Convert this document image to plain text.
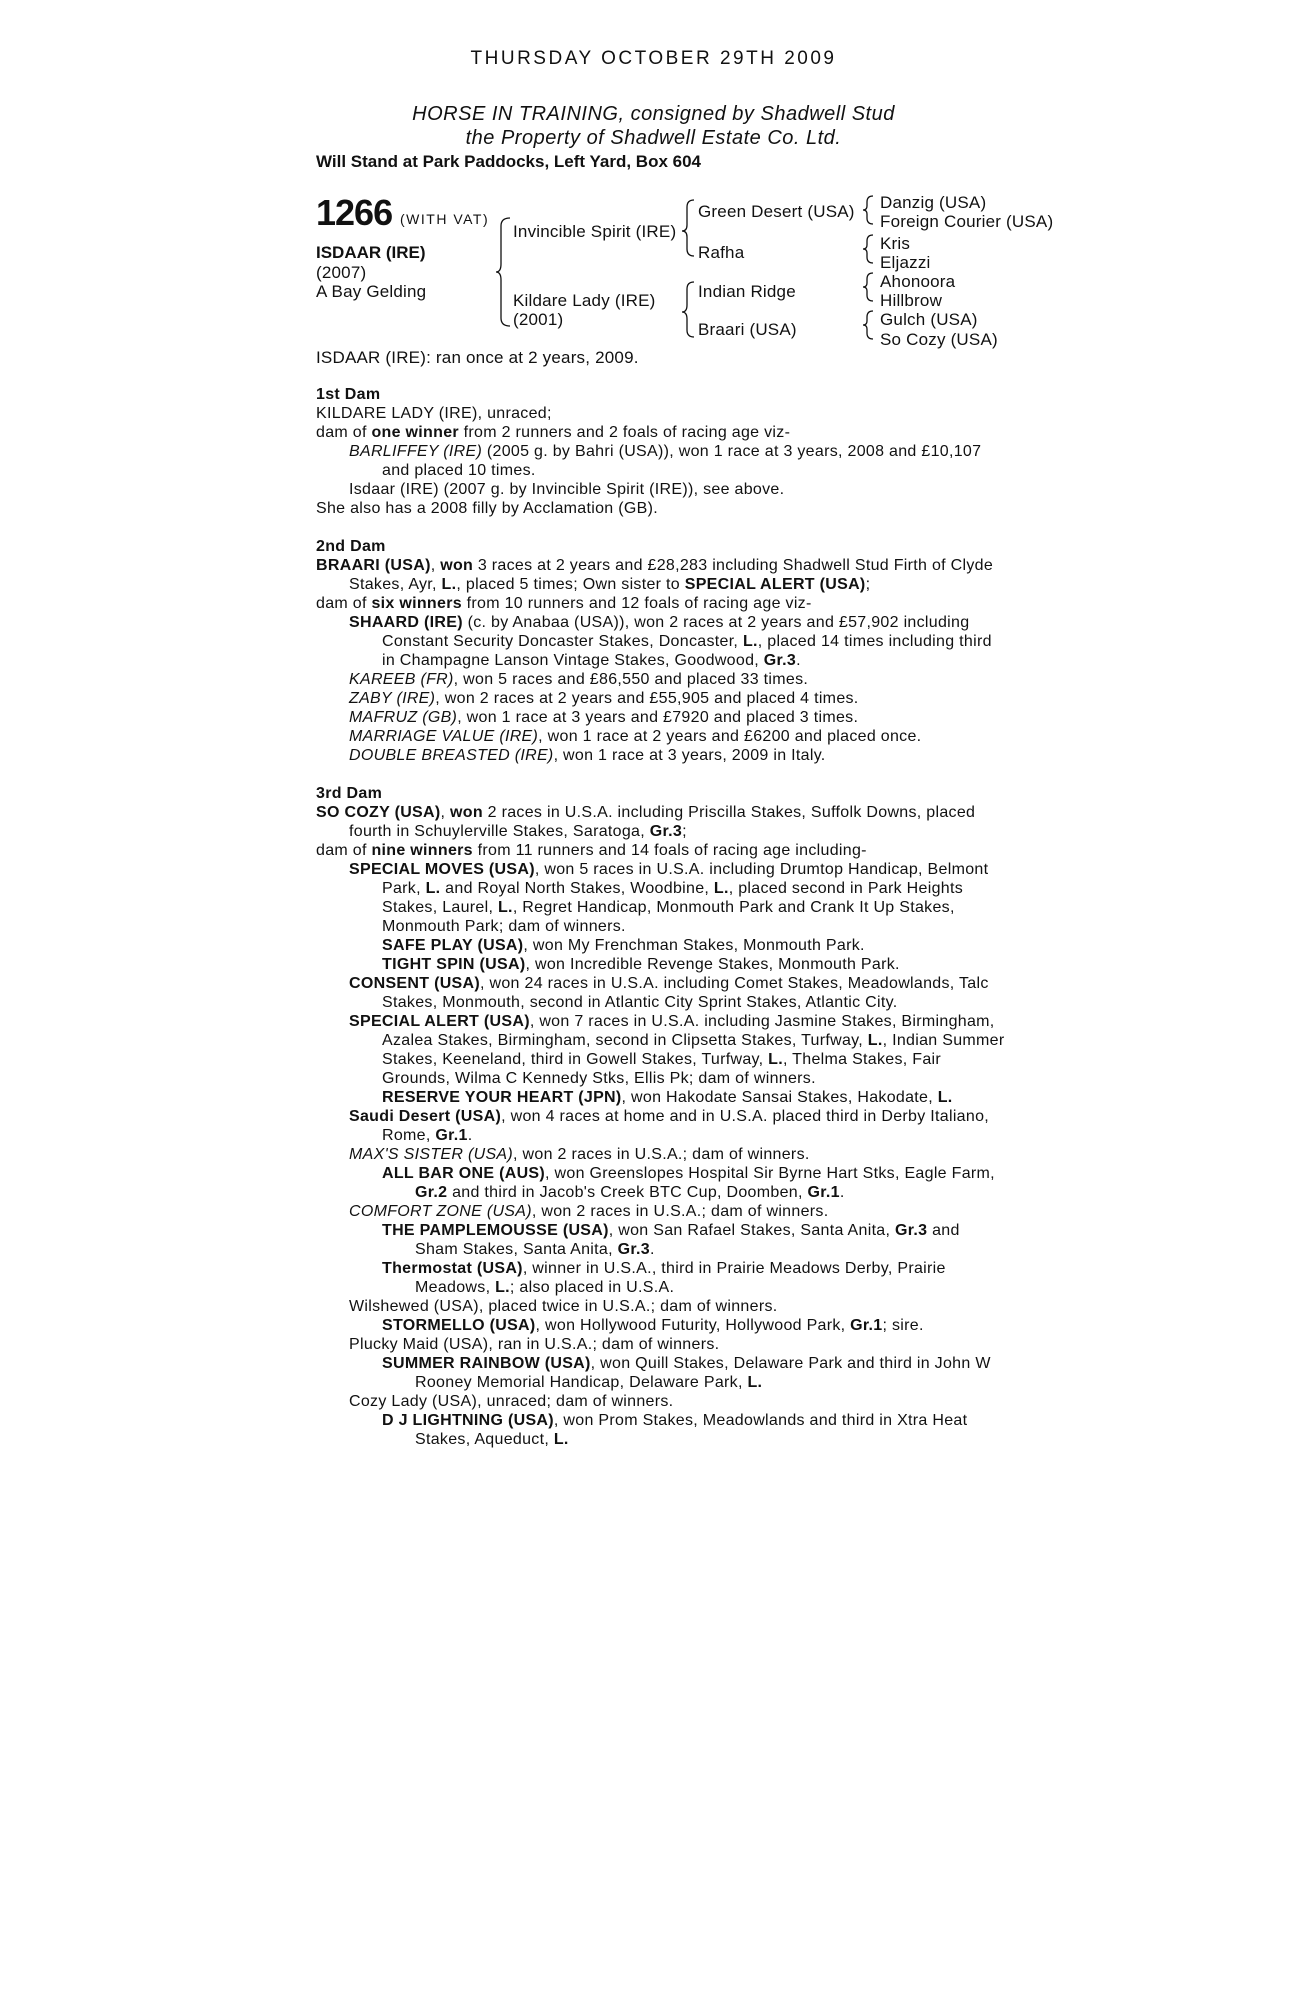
THURSDAY OCTOBER 29TH 2009
HORSE IN TRAINING, consigned by Shadwell Stud
the Property of Shadwell Estate Co. Ltd.
Will Stand at Park Paddocks, Left Yard, Box 604
1266 (WITH VAT)
ISDAAR (IRE)
(2007)
A Bay Gelding
Invincible Spirit (IRE)
Kildare Lady (IRE)
(2001)
Green Desert (USA)
Rafha
Indian Ridge
Braari (USA)
Danzig (USA)
Foreign Courier (USA)
Kris
Eljazzi
Ahonoora
Hillbrow
Gulch (USA)
So Cozy (USA)
ISDAAR (IRE): ran once at 2 years, 2009.

1st Dam

KILDARE LADY (IRE), unraced;

dam of one winner from 2 runners and 2 foals of racing age viz-

BARLIFFEY (IRE) (2005 g. by Bahri (USA)), won 1 race at 3 years, 2008 and £10,107 and placed 10 times.

Isdaar (IRE) (2007 g. by Invincible Spirit (IRE)), see above.

She also has a 2008 filly by Acclamation (GB).

2nd Dam

BRAARI (USA), won 3 races at 2 years and £28,283 including Shadwell Stud Firth of Clyde Stakes, Ayr, L., placed 5 times; Own sister to SPECIAL ALERT (USA);

dam of six winners from 10 runners and 12 foals of racing age viz-

SHAARD (IRE) (c. by Anabaa (USA)), won 2 races at 2 years and £57,902 including Constant Security Doncaster Stakes, Doncaster, L., placed 14 times including third in Champagne Lanson Vintage Stakes, Goodwood, Gr.3.

KAREEB (FR), won 5 races and £86,550 and placed 33 times.

ZABY (IRE), won 2 races at 2 years and £55,905 and placed 4 times.

MAFRUZ (GB), won 1 race at 3 years and £7920 and placed 3 times.

MARRIAGE VALUE (IRE), won 1 race at 2 years and £6200 and placed once.

DOUBLE BREASTED (IRE), won 1 race at 3 years, 2009 in Italy.

3rd Dam

SO COZY (USA), won 2 races in U.S.A. including Priscilla Stakes, Suffolk Downs, placed fourth in Schuylerville Stakes, Saratoga, Gr.3;

dam of nine winners from 11 runners and 14 foals of racing age including-

SPECIAL MOVES (USA), won 5 races in U.S.A. including Drumtop Handicap, Belmont Park, L. and Royal North Stakes, Woodbine, L., placed second in Park Heights Stakes, Laurel, L., Regret Handicap, Monmouth Park and Crank It Up Stakes, Monmouth Park; dam of winners.

SAFE PLAY (USA), won My Frenchman Stakes, Monmouth Park.

TIGHT SPIN (USA), won Incredible Revenge Stakes, Monmouth Park.

CONSENT (USA), won 24 races in U.S.A. including Comet Stakes, Meadowlands, Talc Stakes, Monmouth, second in Atlantic City Sprint Stakes, Atlantic City.

SPECIAL ALERT (USA), won 7 races in U.S.A. including Jasmine Stakes, Birmingham, Azalea Stakes, Birmingham, second in Clipsetta Stakes, Turfway, L., Indian Summer Stakes, Keeneland, third in Gowell Stakes, Turfway, L., Thelma Stakes, Fair Grounds, Wilma C Kennedy Stks, Ellis Pk; dam of winners.

RESERVE YOUR HEART (JPN), won Hakodate Sansai Stakes, Hakodate, L.

Saudi Desert (USA), won 4 races at home and in U.S.A. placed third in Derby Italiano, Rome, Gr.1.

MAX'S SISTER (USA), won 2 races in U.S.A.; dam of winners.

ALL BAR ONE (AUS), won Greenslopes Hospital Sir Byrne Hart Stks, Eagle Farm, Gr.2 and third in Jacob's Creek BTC Cup, Doomben, Gr.1.

COMFORT ZONE (USA), won 2 races in U.S.A.; dam of winners.

THE PAMPLEMOUSSE (USA), won San Rafael Stakes, Santa Anita, Gr.3 and Sham Stakes, Santa Anita, Gr.3.

Thermostat (USA), winner in U.S.A., third in Prairie Meadows Derby, Prairie Meadows, L.; also placed in U.S.A.

Wilshewed (USA), placed twice in U.S.A.; dam of winners.

STORMELLO (USA), won Hollywood Futurity, Hollywood Park, Gr.1; sire.

Plucky Maid (USA), ran in U.S.A.; dam of winners.

SUMMER RAINBOW (USA), won Quill Stakes, Delaware Park and third in John W Rooney Memorial Handicap, Delaware Park, L.

Cozy Lady (USA), unraced; dam of winners.

D J LIGHTNING (USA), won Prom Stakes, Meadowlands and third in Xtra Heat Stakes, Aqueduct, L.
